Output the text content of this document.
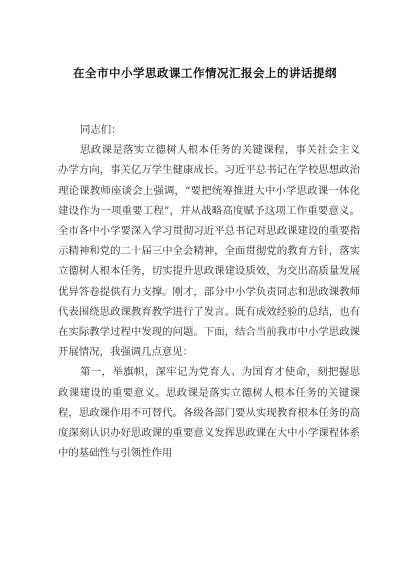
在全市中小学思政课工作情况汇报会上的讲话提纲

同志们：

思政课是落实立德树人根本任务的关键课程，事关社会主义办学方向，事关亿万学生健康成长。习近平总书记在学校思想政治理论课教师座谈会上强调，“要把统筹推进大中小学思政课一体化建设作为一项重要工程”，并从战略高度赋予这项工作重要意义。全市各中小学要深入学习贯彻习近平总书记对思政课建设的重要指示精神和党的二十届三中全会精神，全面贯彻党的教育方针，落实立德树人根本任务，切实提升思政课建设质效，为交出高质量发展优异答卷提供有力支撑。刚才，部分中小学负责同志和思政课教师代表围绕思政课教育教学进行了发言。既有成效经验的总结，也有在实际教学过程中发现的问题。下面，结合当前我市中小学思政课开展情况，我强调几点意见：

第一，举旗帜，深牢记为党育人、为国育才使命，刻把握思政课建设的重要意义。思政课是落实立德树人根本任务的关键课程，思政课作用不可替代。各级各部门要从实现教育根本任务的高度深刻认识办好思政课的重要意义发挥思政课在大中小学课程体系中的基础性与引领性作用
